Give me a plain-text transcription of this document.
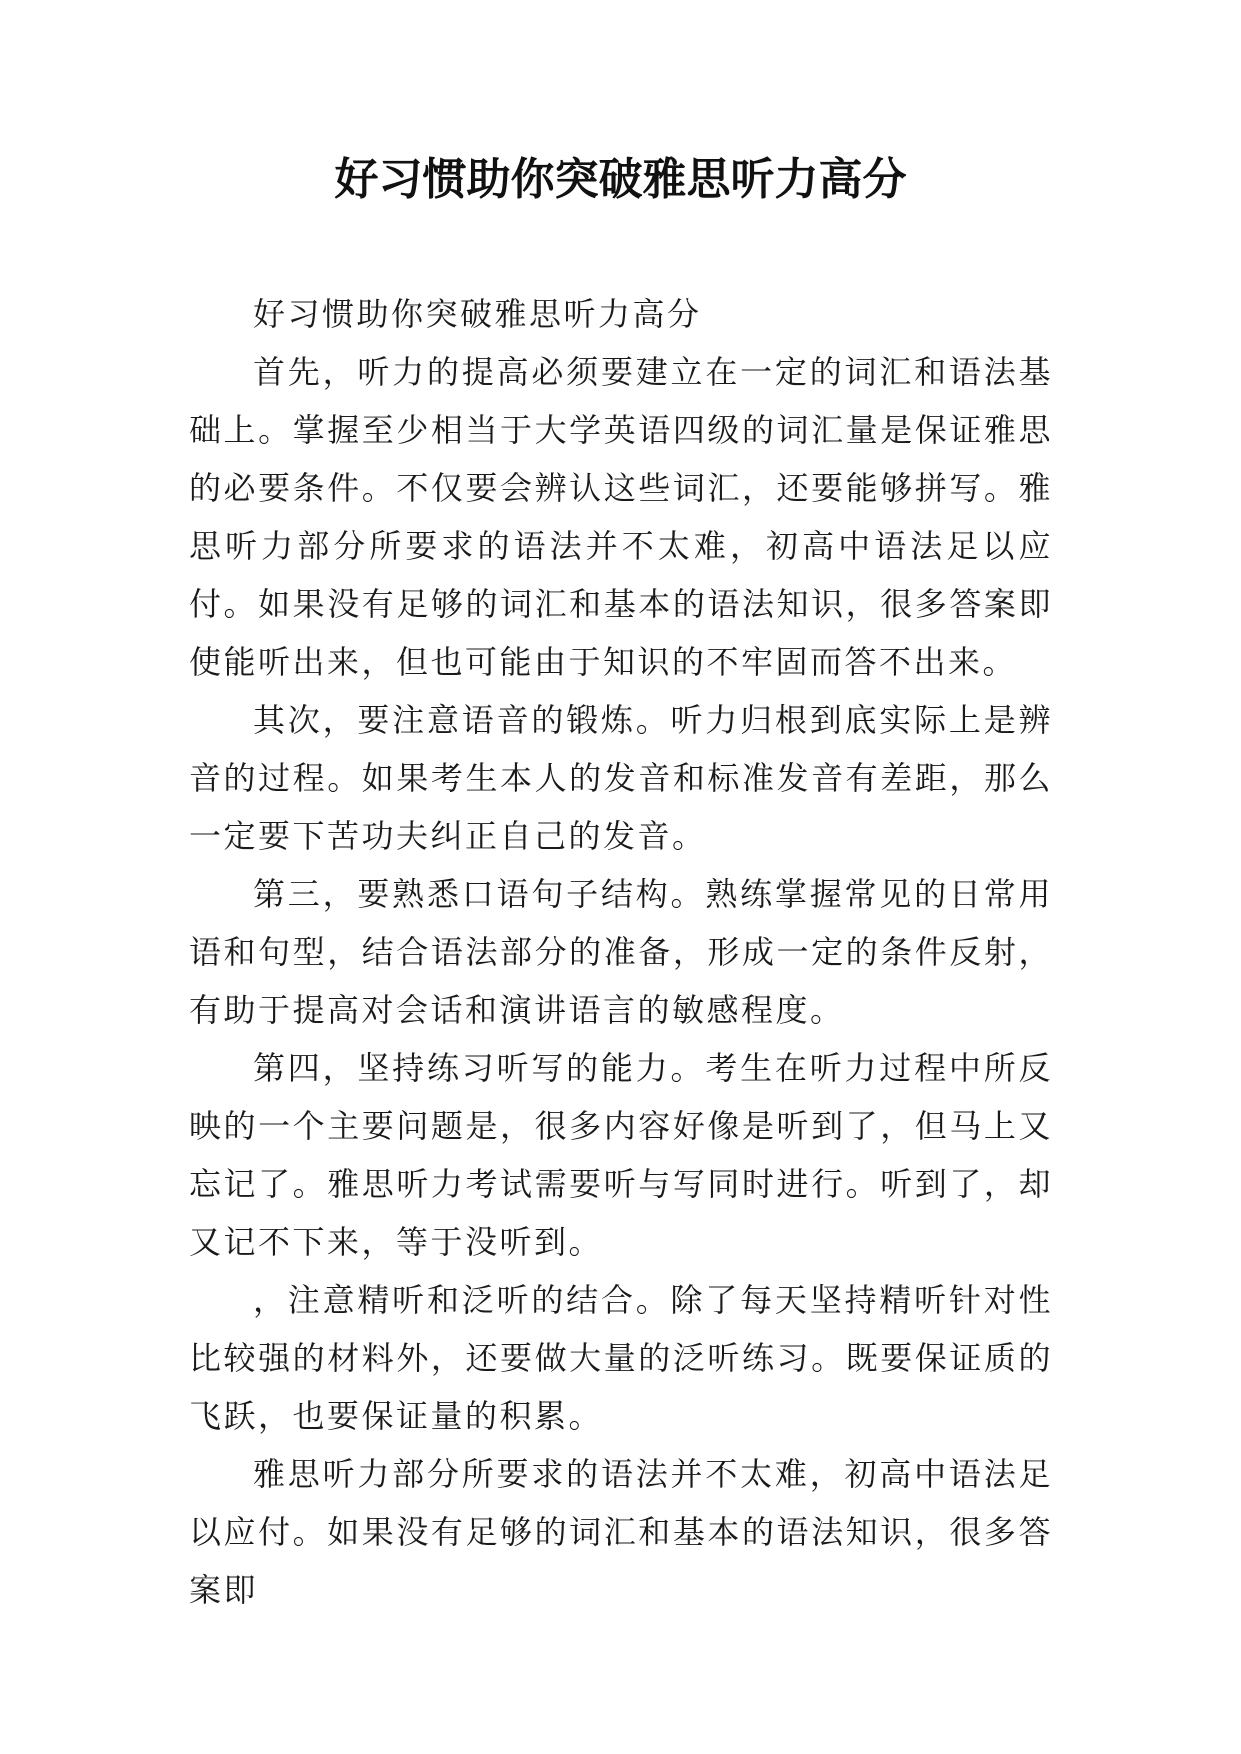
好习惯助你突破雅思听力高分

好习惯助你突破雅思听力高分

首先，听力的提高必须要建立在一定的词汇和语法基础上。掌握至少相当于大学英语四级的词汇量是保证雅思的必要条件。不仅要会辨认这些词汇，还要能够拼写。雅思听力部分所要求的语法并不太难，初高中语法足以应付。如果没有足够的词汇和基本的语法知识，很多答案即使能听出来，但也可能由于知识的不牢固而答不出来。

其次，要注意语音的锻炼。听力归根到底实际上是辨音的过程。如果考生本人的发音和标准发音有差距，那么一定要下苦功夫纠正自己的发音。

第三，要熟悉口语句子结构。熟练掌握常见的日常用语和句型，结合语法部分的准备，形成一定的条件反射，有助于提高对会话和演讲语言的敏感程度。

第四，坚持练习听写的能力。考生在听力过程中所反映的一个主要问题是，很多内容好像是听到了，但马上又忘记了。雅思听力考试需要听与写同时进行。听到了，却又记不下来，等于没听到。

，注意精听和泛听的结合。除了每天坚持精听针对性比较强的材料外，还要做大量的泛听练习。既要保证质的飞跃，也要保证量的积累。

雅思听力部分所要求的语法并不太难，初高中语法足以应付。如果没有足够的词汇和基本的语法知识，很多答案即
